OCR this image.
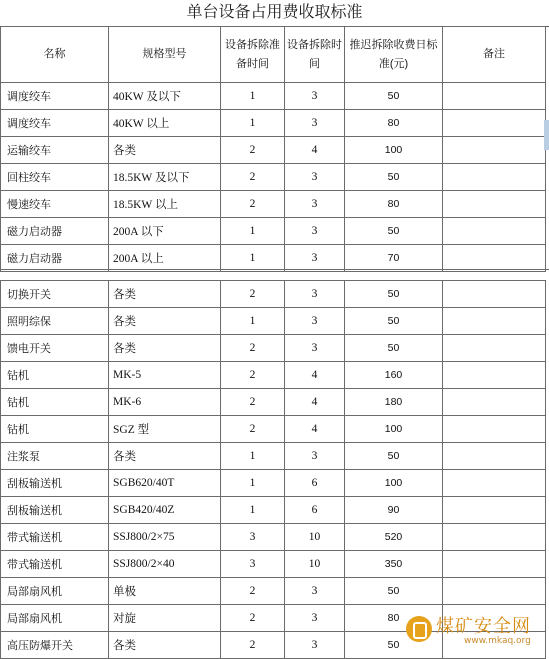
单台设备占用费收取标准
名称	规格型号	设备拆除准备时间	设备拆除时间	推迟拆除收费日标准(元)	备注
调度绞车	40KW 及以下	1	3	50	
调度绞车	40KW 以上	1	3	80	
运输绞车	各类	2	4	100	
回柱绞车	18.5KW 及以下	2	3	50	
慢速绞车	18.5KW 以上	2	3	80	
磁力启动器	200A 以下	1	3	50	
磁力启动器	200A 以上	1	3	70	
切换开关	各类	2	3	50	
照明综保	各类	1	3	50	
馈电开关	各类	2	3	50	
钻机	MK-5	2	4	160	
钻机	MK-6	2	4	180	
钻机	SGZ 型	2	4	100	
注浆泵	各类	1	3	50	
刮板输送机	SGB620/40T	1	6	100	
刮板输送机	SGB420/40Z	1	6	90	
带式输送机	SSJ800/2×75	3	10	520	
带式输送机	SSJ800/2×40	3	10	350	
局部扇风机	单极	2	3	50	
局部扇风机	对旋	2	3	80	
高压防爆开关	各类	2	3	50	
煤矿安全网
www.mkaq.org
